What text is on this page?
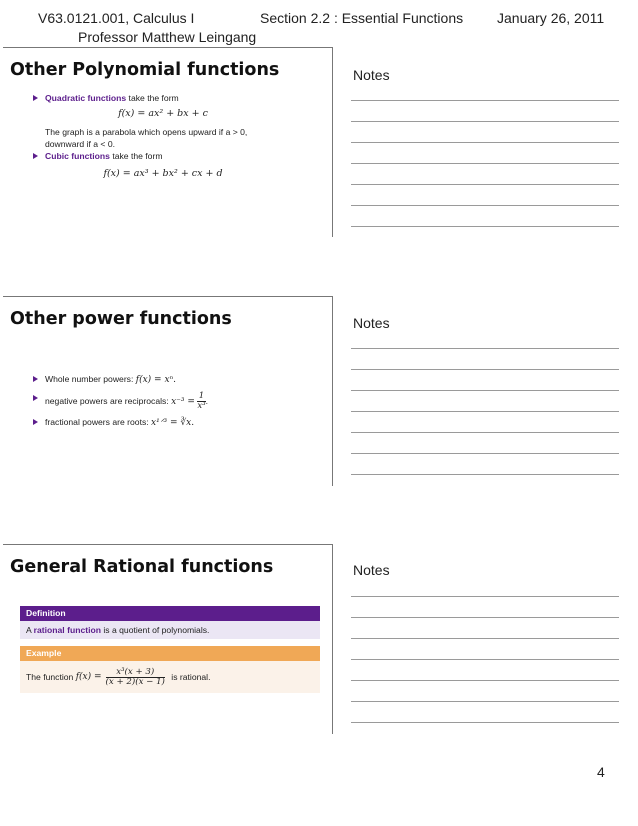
V63.0121.001, Calculus I
Professor Matthew Leingang
Section 2.2 : Essential Functions January 26, 2011
Other Polynomial functions
Quadratic functions take the form
f(x) = ax² + bx + c
The graph is a parabola which opens upward if a > 0,
downward if a < 0.
Cubic functions take the form
f(x) = ax³ + bx² + cx + d
Other power functions
Whole number powers: f(x) = xⁿ.
negative powers are reciprocals: $x^{-3} = \frac{1}{\text{x³}}$ .
fractional powers are roots: x¹ᐟ³ = ∛x.
General Rational functions
Definition
A rational function is a quotient of polynomials.
Example
The function $f(x) = \frac{\text{x³(x + 3)}}{(x + 2)(x - 1)}$ is rational.
Notes
Notes
Notes
4
